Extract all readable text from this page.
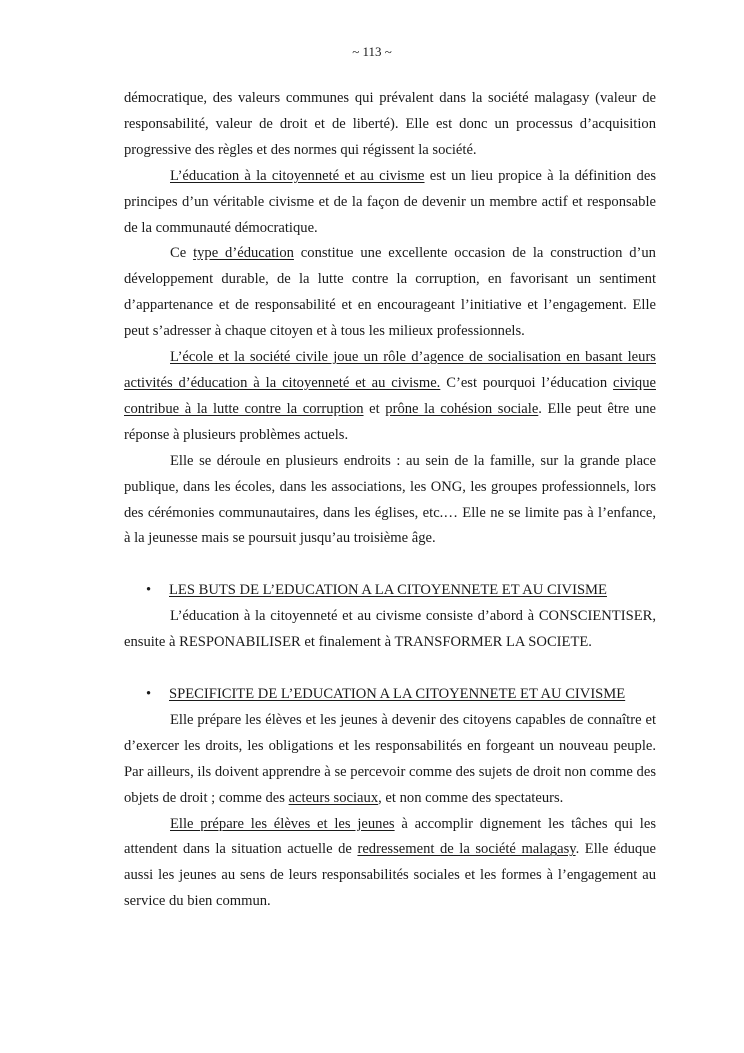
~ 113 ~

démocratique, des valeurs communes qui prévalent dans la société malagasy (valeur de responsabilité, valeur de droit et de liberté). Elle est donc un processus d’acquisition progressive des règles et des normes qui régissent la société.

L’éducation à la citoyenneté et au civisme est un lieu propice à la définition des principes d’un véritable civisme et de la façon de devenir un membre actif et responsable de la communauté démocratique.

Ce type d’éducation constitue une excellente occasion de la construction d’un développement durable, de la lutte contre la corruption, en favorisant un sentiment d’appartenance et de responsabilité et en encourageant l’initiative et l’engagement. Elle peut s’adresser à chaque citoyen et à tous les milieux professionnels.

L’école et la société civile joue un rôle d’agence de socialisation en basant leurs activités d’éducation à la citoyenneté et au civisme. C’est pourquoi l’éducation civique contribue à la lutte contre la corruption et prône la cohésion sociale. Elle peut être une réponse à plusieurs problèmes actuels.

Elle se déroule en plusieurs endroits : au sein de la famille, sur la grande place publique, dans les écoles, dans les associations, les ONG, les groupes professionnels, lors des cérémonies communautaires, dans les églises, etc.… Elle ne se limite pas à l’enfance, à la jeunesse mais se poursuit jusqu’au troisième âge.

• LES BUTS DE L’EDUCATION A LA CITOYENNETE ET AU CIVISME

L’éducation à la citoyenneté et au civisme consiste d’abord à CONSCIENTISER, ensuite à RESPONABILISER et finalement à TRANSFORMER LA SOCIETE.

• SPECIFICITE DE L’EDUCATION A LA CITOYENNETE ET AU CIVISME

Elle prépare les élèves et les jeunes à devenir des citoyens capables de connaître et d’exercer les droits, les obligations et les responsabilités en forgeant un nouveau peuple. Par ailleurs, ils doivent apprendre à se percevoir comme des sujets de droit non comme des objets de droit ; comme des acteurs sociaux, et non comme des spectateurs.

Elle prépare les élèves et les jeunes à accomplir dignement les tâches qui les attendent dans la situation actuelle de redressement de la société malagasy. Elle éduque aussi les jeunes au sens de leurs responsabilités sociales et les formes à l’engagement au service du bien commun.
